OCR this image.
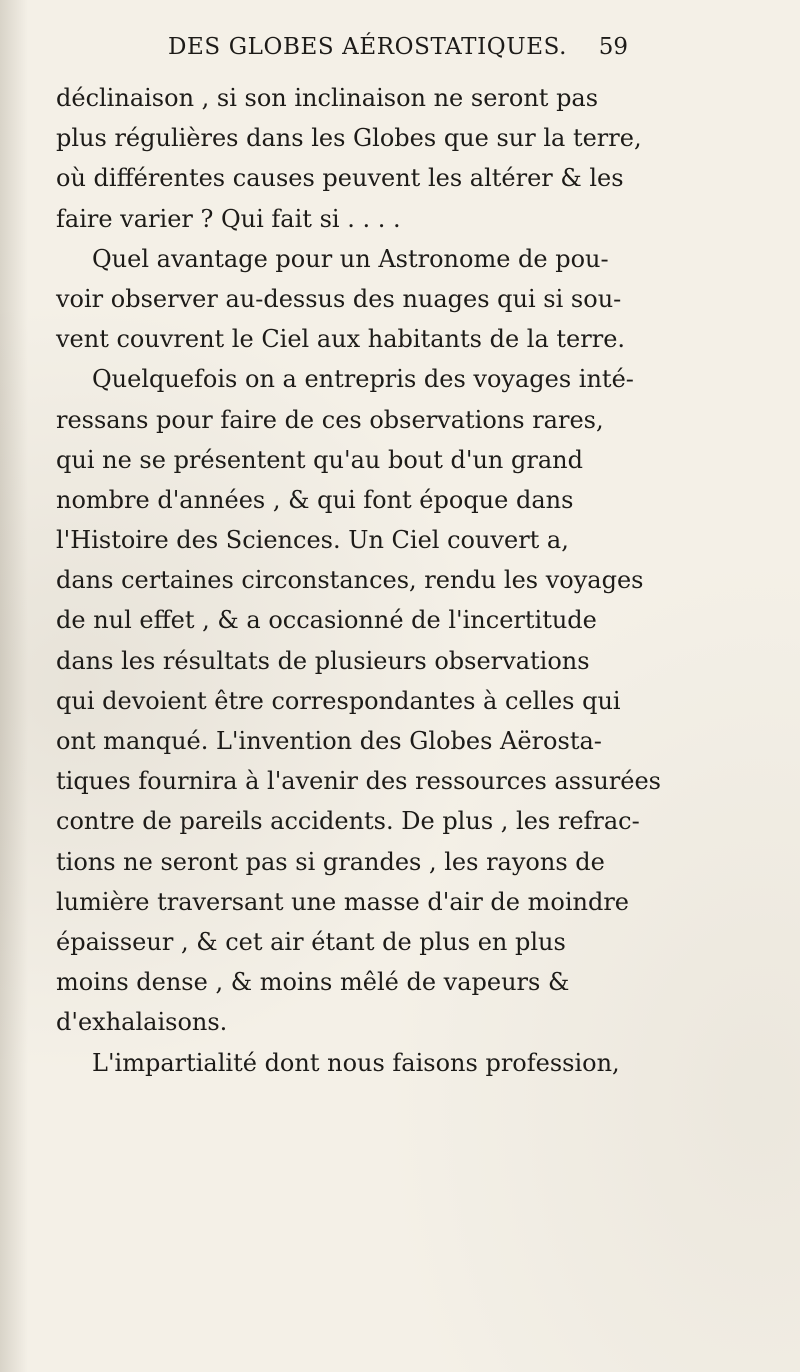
DES GLOBES AÉROSTATIQUES. 59
déclinaison , si son inclinaison ne seront pas
plus régulières dans les Globes que sur la terre,
où différentes causes peuvent les altérer & les
faire varier ? Qui fait si . . . .
Quel avantage pour un Astronome de pou-
voir observer au-dessus des nuages qui si sou-
vent couvrent le Ciel aux habitants de la terre.
Quelquefois on a entrepris des voyages inté-
ressans pour faire de ces observations rares,
qui ne se présentent qu'au bout d'un grand
nombre d'années , & qui font époque dans
l'Histoire des Sciences. Un Ciel couvert a,
dans certaines circonstances, rendu les voyages
de nul effet , & a occasionné de l'incertitude
dans les résultats de plusieurs observations
qui devoient être correspondantes à celles qui
ont manqué. L'invention des Globes Aërosta-
tiques fournira à l'avenir des ressources assurées
contre de pareils accidents. De plus , les refrac-
tions ne seront pas si grandes , les rayons de
lumière traversant une masse d'air de moindre
épaisseur , & cet air étant de plus en plus
moins dense , & moins mêlé de vapeurs &
d'exhalaisons.
L'impartialité dont nous faisons profession,
